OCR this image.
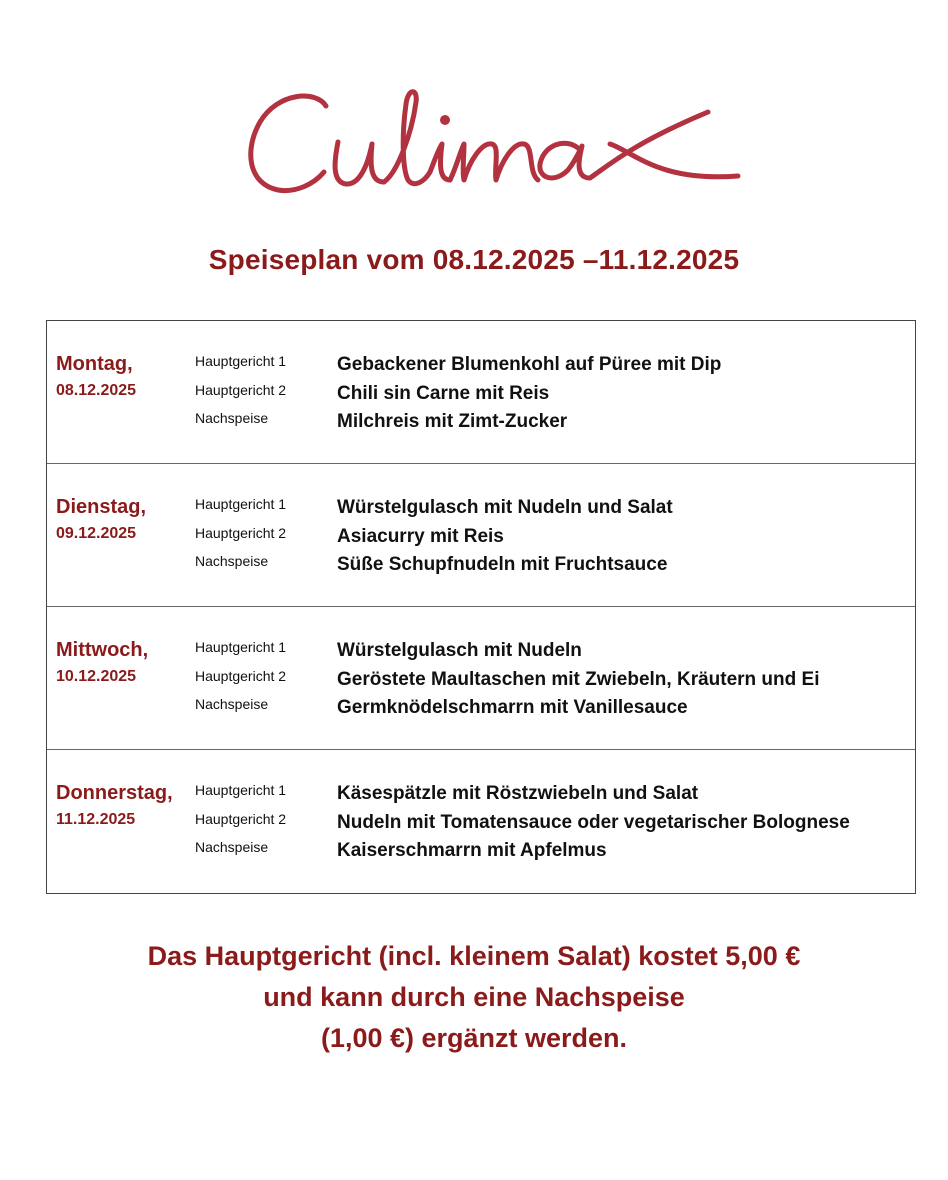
Speiseplan vom 08.12.2025 –11.12.2025
Montag,
08.12.2025
Hauptgericht 1
Hauptgericht 2
Nachspeise
Gebackener Blumenkohl auf Püree mit Dip
Chili sin Carne mit Reis
Milchreis mit Zimt-Zucker
Dienstag,
09.12.2025
Hauptgericht 1
Hauptgericht 2
Nachspeise
Würstelgulasch mit Nudeln und Salat
Asiacurry mit Reis
Süße Schupfnudeln mit Fruchtsauce
Mittwoch,
10.12.2025
Hauptgericht 1
Hauptgericht 2
Nachspeise
Würstelgulasch mit Nudeln
Geröstete Maultaschen mit Zwiebeln, Kräutern und Ei
Germknödelschmarrn mit Vanillesauce
Donnerstag,
11.12.2025
Hauptgericht 1
Hauptgericht 2
Nachspeise
Käsespätzle mit Röstzwiebeln und Salat
Nudeln mit Tomatensauce oder vegetarischer Bolognese
Kaiserschmarrn mit Apfelmus
Das Hauptgericht (incl. kleinem Salat) kostet 5,00 €
und kann durch eine Nachspeise
(1,00 €) ergänzt werden.
